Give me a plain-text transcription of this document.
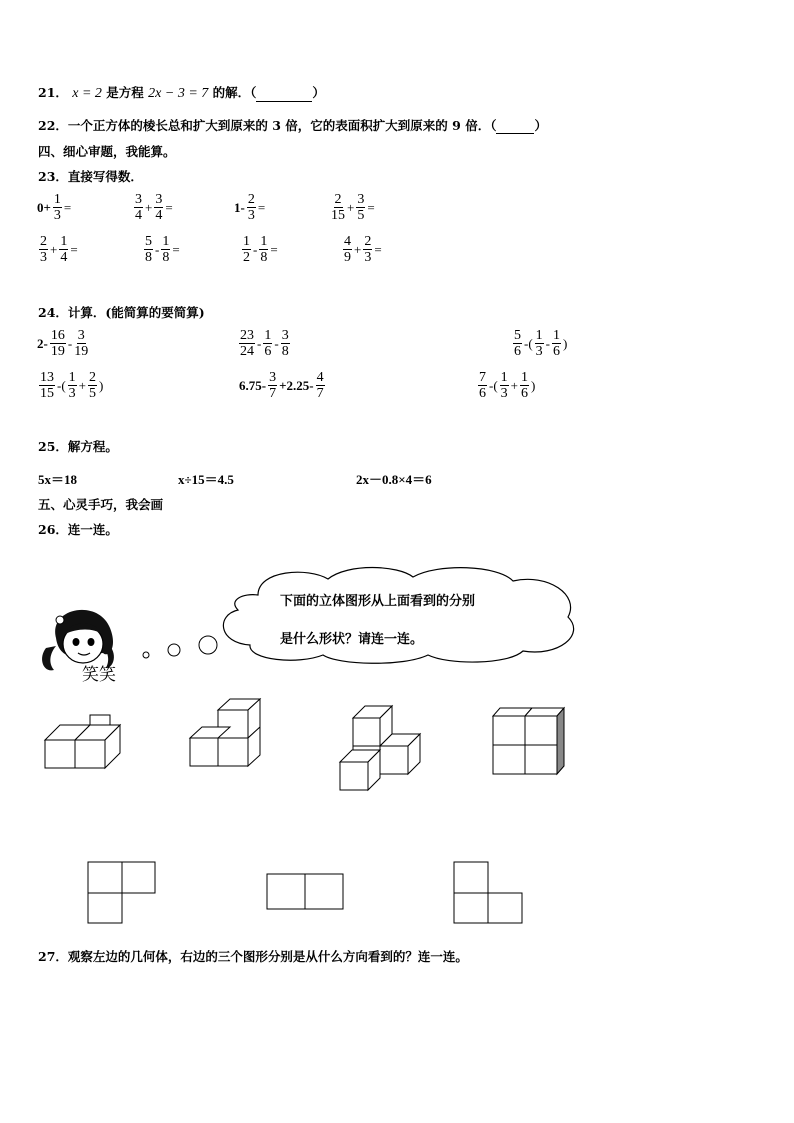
21． x = 2 是方程 2x − 3 = 7 的解．（	）
22．一个正方体的棱长总和扩大到原来的 3 倍，它的表面积扩大到原来的 9 倍．（	）
四、细心审题，我能算。
23．直接写得数．
$0+ \frac{1}{3}$ =	$\frac{3}{4} + \frac{3}{4}$ =	$1- \frac{2}{3}$ =	$\frac{2}{15} + \frac{3}{5}$ =
$\frac{2}{3} + \frac{1}{4}$ =	$\frac{5}{8} - \frac{1}{8}$ =	$\frac{1}{2} - \frac{1}{8}$ =	$\frac{4}{9} + \frac{2}{3}$ =
24．计算．(能简算的要简算)
$2- \frac{16}{19} - \frac{3}{19}$	$\frac{23}{24} - \frac{1}{6} - \frac{3}{8}$	$\frac{5}{6}$ -( $\frac{1}{3} - \frac{1}{6}$ )
$\frac{13}{15}$ -( $\frac{1}{3} + \frac{2}{5}$ )	$6.75- \frac{3}{7} +2.25- \frac{4}{7}$	$\frac{7}{6}$ -( $\frac{1}{3} + \frac{1}{6}$ )
25．解方程。
5x＝18	x÷15＝4.5	2x－0.8×4＝6
五、心灵手巧，我会画
26．连一连。
笑笑
下面的立体图形从上面看到的分别
是什么形状？请连一连。
27．观察左边的几何体，右边的三个图形分别是从什么方向看到的？连一连。
